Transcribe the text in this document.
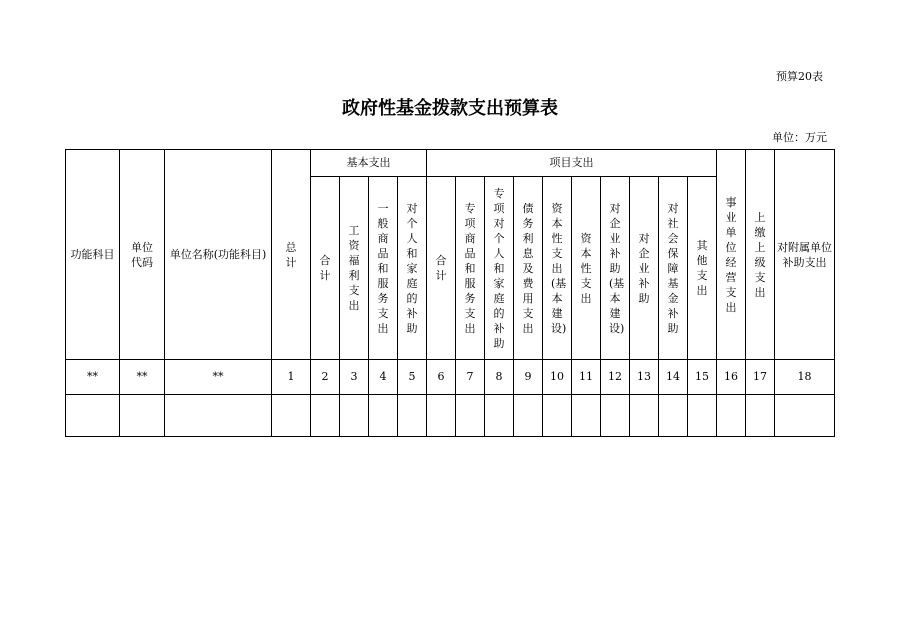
预算20表
政府性基金拨款支出预算表
单位：万元
功能科目	单位代码	单位名称(功能科目)	总计	基本支出				项目支出										事业单位经营支出	上缴上级支出	对附属单位补助支出
				合计	工资福利支出	一般商品和服务支出	对个人和家庭的补助	合计	专项商品和服务支出	专项对个人和家庭的补助	债务利息及费用支出	资本性支出(基本建设)	资本性支出	对企业补助(基本建设)	对企业补助	对社会保障基金补助	其他支出			
**	**	**	1	2	3	4	5	6	7	8	9	10	11	12	13	14	15	16	17	18
